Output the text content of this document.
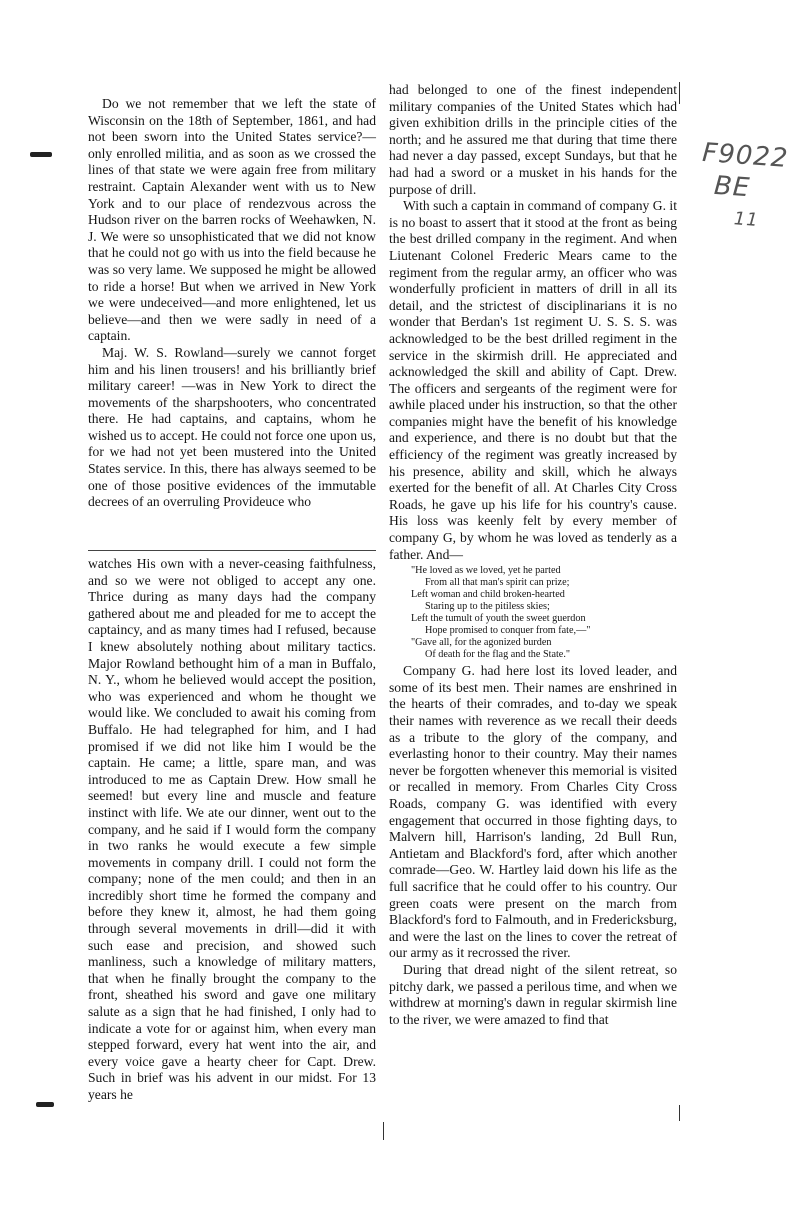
Do we not remember that we left the state of Wisconsin on the 18th of September, 1861, and had not been sworn into the United States service?—only enrolled militia, and as soon as we crossed the lines of that state we were again free from military restraint. Captain Alexander went with us to New York and to our place of rendezvous across the Hudson river on the barren rocks of Weehawken, N. J. We were so unsophisticated that we did not know that he could not go with us into the field because he was so very lame. We supposed he might be allowed to ride a horse! But when we arrived in New York we were undeceived—and more enlightened, let us believe—and then we were sadly in need of a captain.

Maj. W. S. Rowland—surely we cannot forget him and his linen trousers! and his brilliantly brief military career! —was in New York to direct the movements of the sharpshooters, who concentrated there. He had captains, and captains, whom he wished us to accept. He could not force one upon us, for we had not yet been mustered into the United States service. In this, there has always seemed to be one of those positive evidences of the immutable decrees of an overruling Provideuce who

watches His own with a never-ceasing faithfulness, and so we were not obliged to accept any one. Thrice during as many days had the company gathered about me and pleaded for me to accept the captaincy, and as many times had I refused, because I knew absolutely nothing about military tactics. Major Rowland bethought him of a man in Buffalo, N. Y., whom he believed would accept the position, who was experienced and whom he thought we would like. We concluded to await his coming from Buffalo. He had telegraphed for him, and I had promised if we did not like him I would be the captain. He came; a little, spare man, and was introduced to me as Captain Drew. How small he seemed! but every line and muscle and feature instinct with life. We ate our dinner, went out to the company, and he said if I would form the company in two ranks he would execute a few simple movements in company drill. I could not form the company; none of the men could; and then in an incredibly short time he formed the company and before they knew it, almost, he had them going through several movements in drill—did it with such ease and precision, and showed such manliness, such a knowledge of military matters, that when he finally brought the company to the front, sheathed his sword and gave one military salute as a sign that he had finished, I only had to indicate a vote for or against him, when every man stepped forward, every hat went into the air, and every voice gave a hearty cheer for Capt. Drew. Such in brief was his advent in our midst. For 13 years he

had belonged to one of the finest independent military companies of the United States which had given exhibition drills in the principle cities of the north; and he assured me that during that time there had never a day passed, except Sundays, but that he had had a sword or a musket in his hands for the purpose of drill.

With such a captain in command of company G. it is no boast to assert that it stood at the front as being the best drilled company in the regiment. And when Liutenant Colonel Frederic Mears came to the regiment from the regular army, an officer who was wonderfully proficient in matters of drill in all its detail, and the strictest of disciplinarians it is no wonder that Berdan's 1st regiment U. S. S. S. was acknowledged to be the best drilled regiment in the service in the skirmish drill. He appreciated and acknowledged the skill and ability of Capt. Drew. The officers and sergeants of the regiment were for awhile placed under his instruction, so that the other companies might have the benefit of his knowledge and experience, and there is no doubt but that the efficiency of the regiment was greatly increased by his presence, ability and skill, which he always exerted for the benefit of all. At Charles City Cross Roads, he gave up his life for his country's cause. His loss was keenly felt by every member of company G, by whom he was loved as tenderly as a father. And—

"He loved as we loved, yet he parted
From all that man's spirit can prize;
Left woman and child broken-hearted
Staring up to the pitiless skies;
Left the tumult of youth the sweet guerdon
Hope promised to conquer from fate,—"
"Gave all, for the agonized burden
Of death for the flag and the State."

Company G. had here lost its loved leader, and some of its best men. Their names are enshrined in the hearts of their comrades, and to-day we speak their names with reverence as we recall their deeds as a tribute to the glory of the company, and everlasting honor to their country. May their names never be forgotten whenever this memorial is visited or recalled in memory. From Charles City Cross Roads, company G. was identified with every engagement that occurred in those fighting days, to Malvern hill, Harrison's landing, 2d Bull Run, Antietam and Blackford's ford, after which another comrade—Geo. W. Hartley laid down his life as the full sacrifice that he could offer to his country. Our green coats were present on the march from Blackford's ford to Falmouth, and in Fredericksburg, and were the last on the lines to cover the retreat of our army as it recrossed the river.

During that dread night of the silent retreat, so pitchy dark, we passed a perilous time, and when we withdrew at morning's dawn in regular skirmish line to the river, we were amazed to find that

F9022
BE
11
